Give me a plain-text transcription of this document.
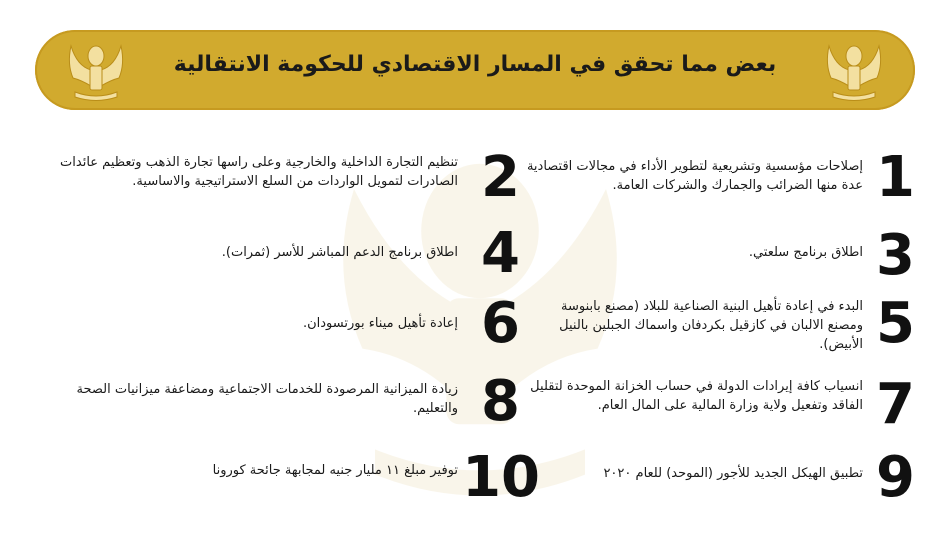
بعض مما تحقق في المسار الاقتصادي للحكومة الانتقالية
1
إصلاحات مؤسسية وتشريعية لتطوير الأداء في مجالات اقتصادية عدة منها الضرائب والجمارك والشركات العامة.
3
اطلاق برنامج سلعتي.
5
البدء في إعادة تأهيل البنية الصناعية للبلاد (مصنع بابنوسة ومصنع الالبان في كازقيل بكردفان واسماك الجبلين بالنيل الأبيض).
7
انسياب كافة إيرادات الدولة في حساب الخزانة الموحدة لتقليل الفاقد وتفعيل ولاية وزارة المالية على المال العام.
9
تطبيق الهيكل الجديد للأجور (الموحد) للعام ٢٠٢٠
2
تنظيم التجارة الداخلية والخارجية وعلى راسها تجارة الذهب وتعظيم عائدات الصادرات لتمويل الواردات من السلع الاستراتيجية والاساسية.
4
اطلاق برنامج الدعم المباشر للأسر (ثمرات).
6
إعادة تأهيل ميناء بورتسودان.
8
زيادة الميزانية المرصودة للخدمات الاجتماعية ومضاعفة ميزانيات الصحة والتعليم.
10
توفير مبلغ ١١ مليار جنيه لمجابهة جائحة كورونا
